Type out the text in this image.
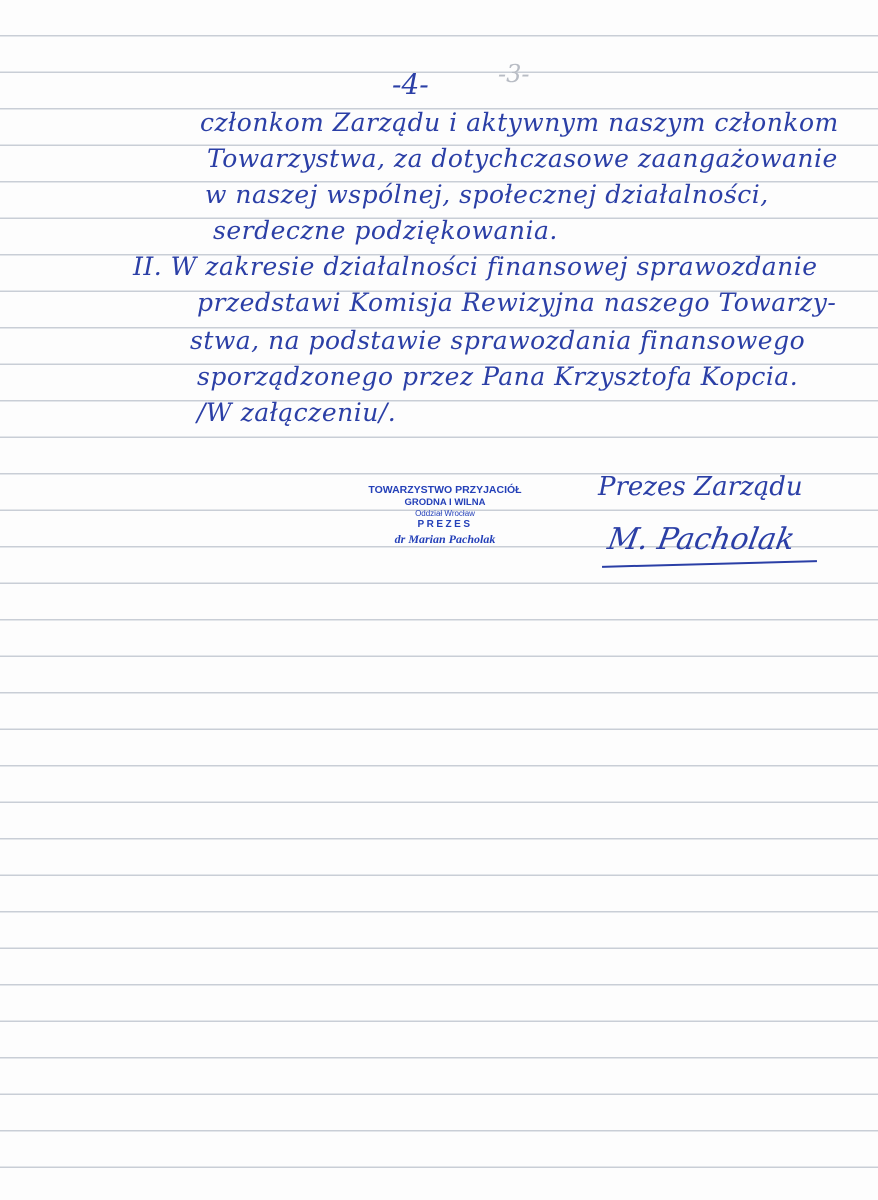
-3-
-4-
członkom Zarządu i aktywnym naszym członkom
Towarzystwa, za dotychczasowe zaangażowanie
w naszej wspólnej, społecznej działalności,
serdeczne podziękowania.
II. W zakresie działalności finansowej sprawozdanie
przedstawi Komisja Rewizyjna naszego Towarzy-
stwa, na podstawie sprawozdania finansowego
sporządzonego przez Pana Krzysztofa Kopcia.
/W załączeniu/.
Prezes Zarządu
TOWARZYSTWO PRZYJACIÓŁ
GRODNA I WILNA
Oddział Wrocław
PREZES
dr Marian Pacholak	M. Pacholak
